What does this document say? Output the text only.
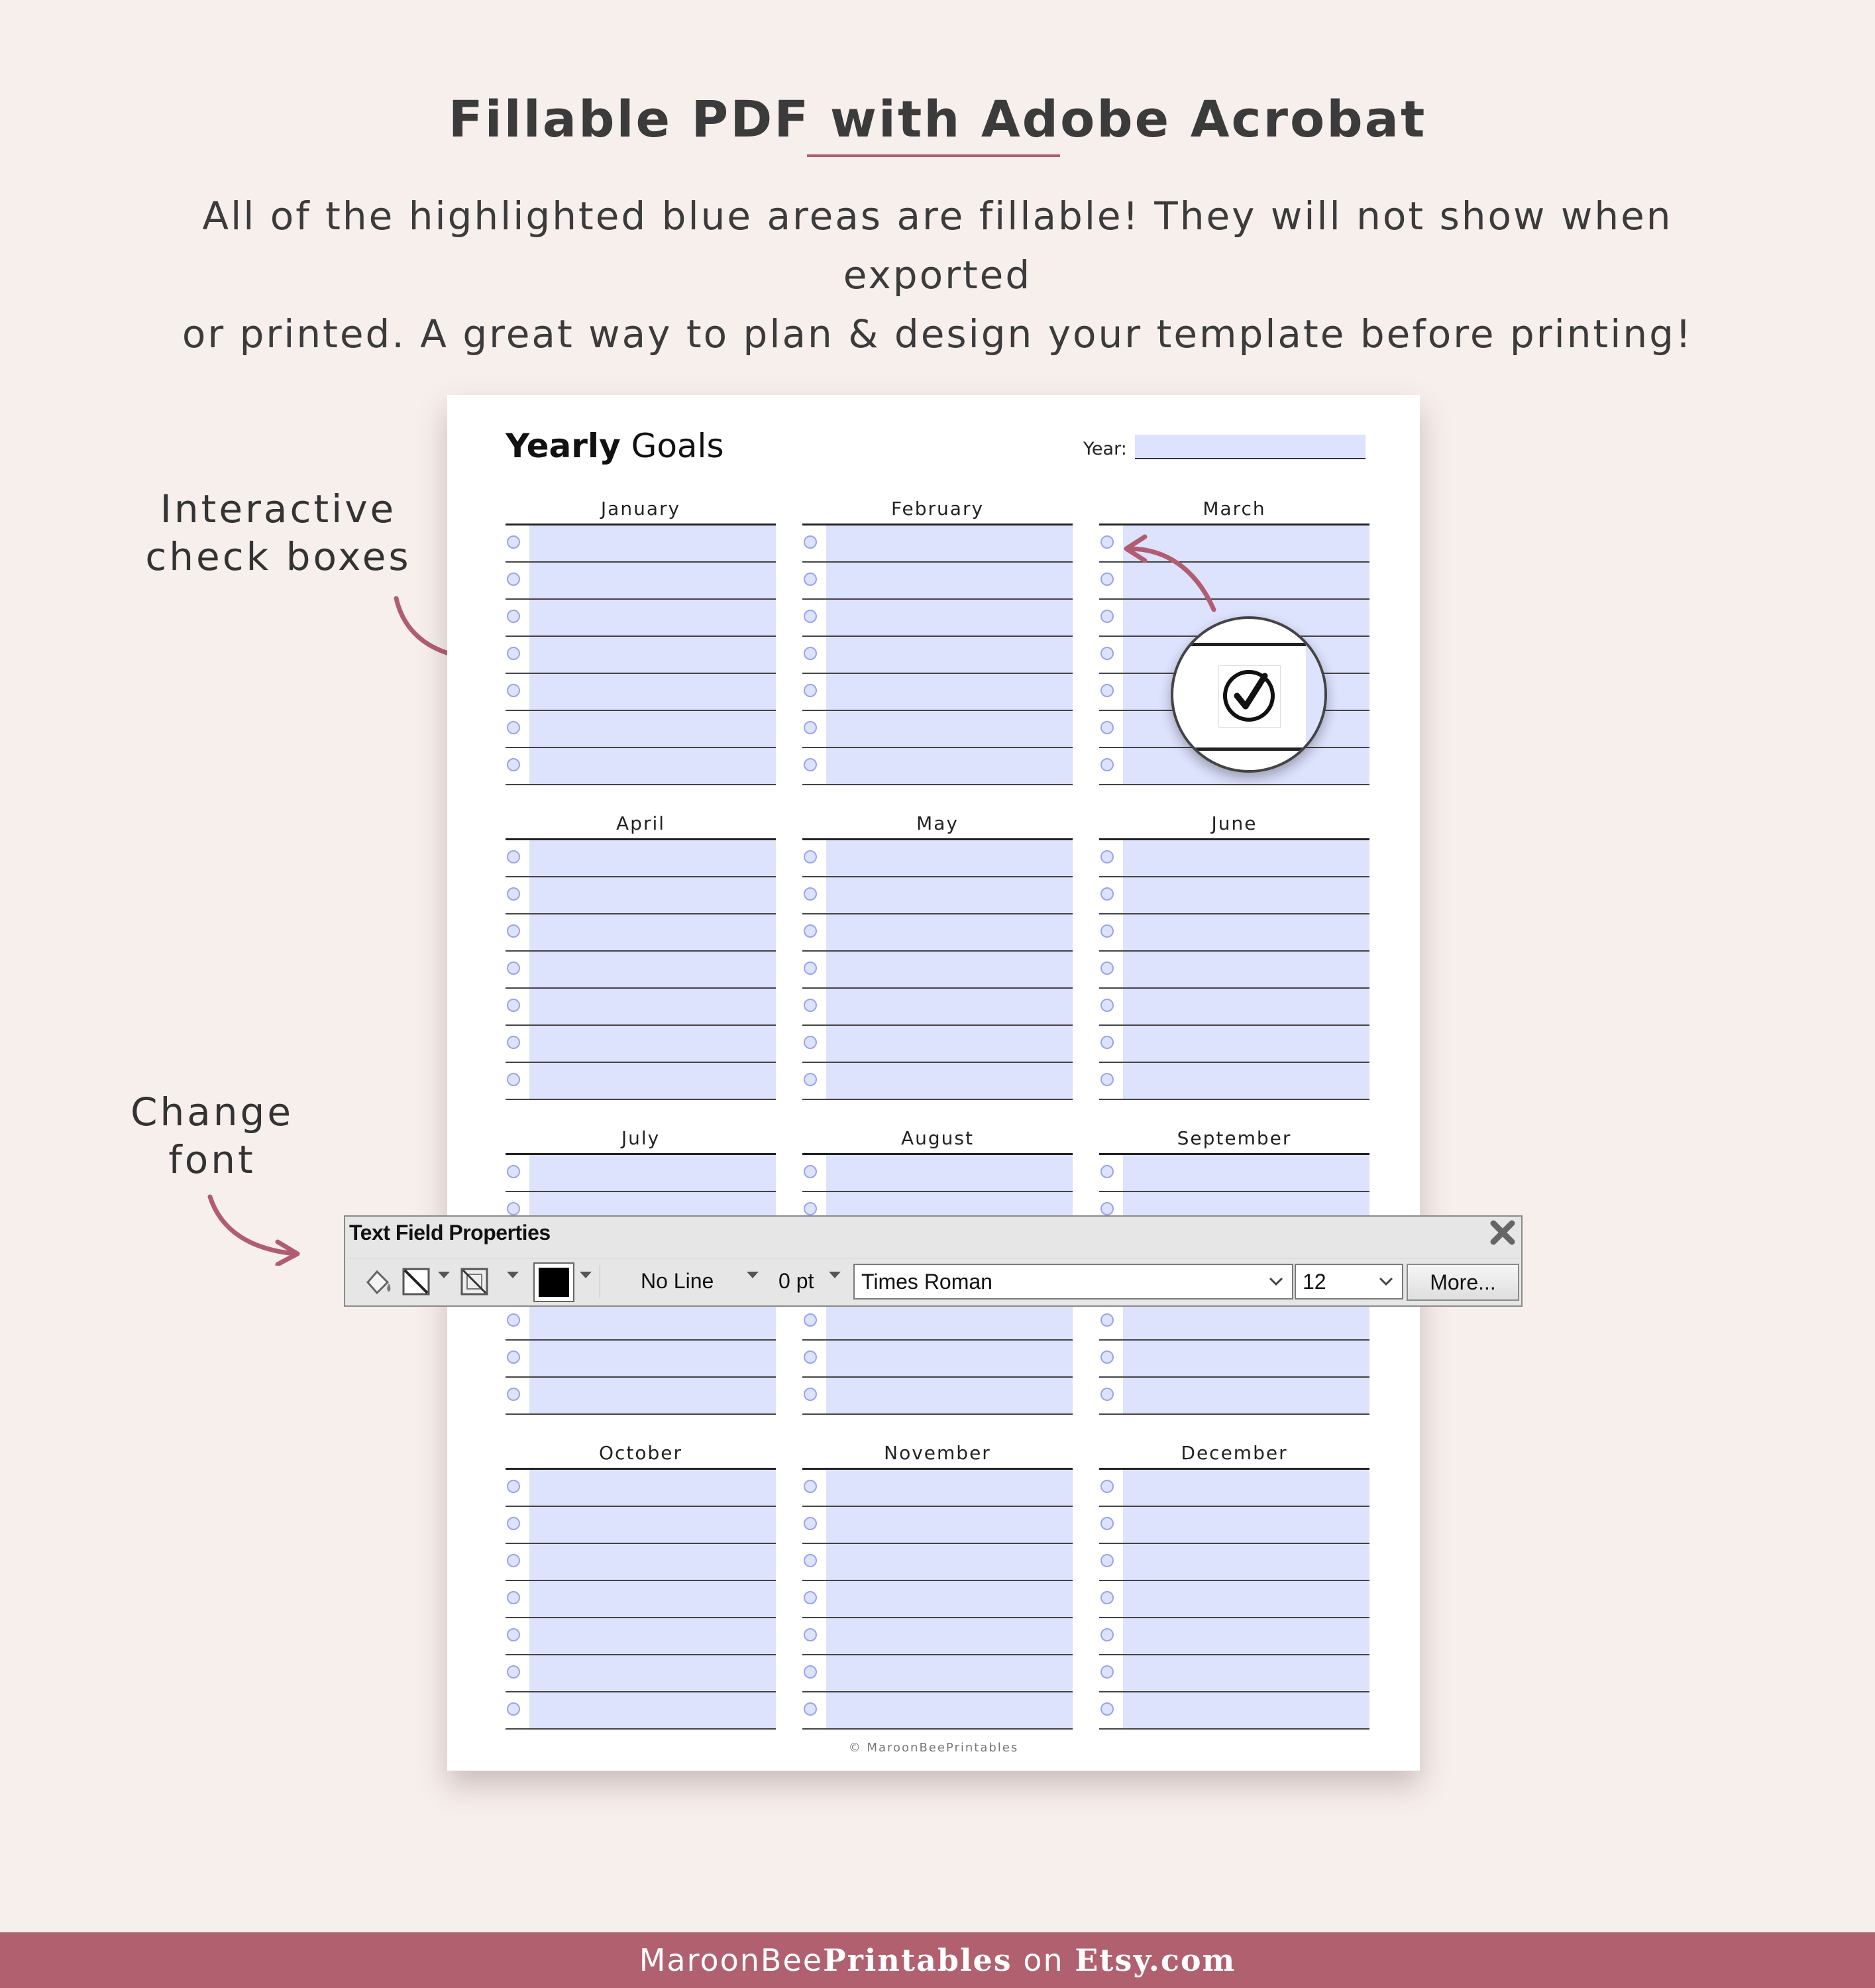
Fillable PDF with Adobe Acrobat

All of the highlighted blue areas are fillable! They will not show when exported
or printed. A great way to plan & design your template before printing!

Interactive
check boxes
Change
font
Yearly Goals	Year:
January	February	March
April	May	June
July	August	September
October	November	December
© MaroonBeePrintables
Text Field Properties
No Line	0 pt	Times Roman	12	More...
MaroonBeePrintables on Etsy.com
